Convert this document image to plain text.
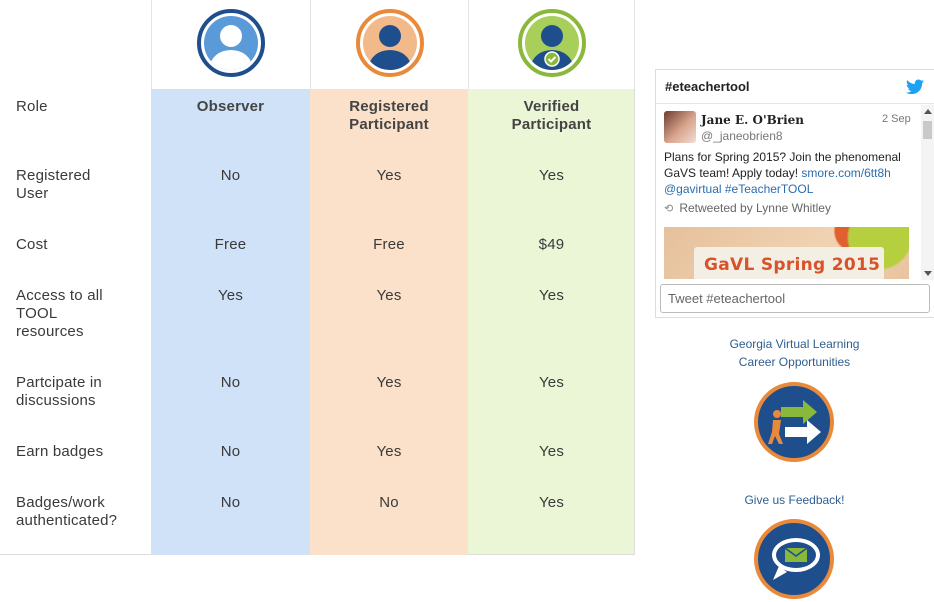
Role
Registered
User
Cost
Access to all
TOOL
resources
Partcipate in
discussions
Earn badges
Badges/work
authenticated?
Observer
No
Free
Yes
No
No
No
Registered
Participant
Yes
Free
Yes
Yes
Yes
No
Verified
Participant
Yes
$49
Yes
Yes
Yes
Yes
#eteachertool
Jane E. O'Brien
@_janeobrien8
2 Sep
Plans for Spring 2015? Join the phenomenal
GaVS team! Apply today! smore.com/6tt8h
@gavirtual #eTeacherTOOL
⟲ Retweeted by Lynne Whitley
GaVL Spring 2015
Tweet #eteachertool
Georgia Virtual Learning
Career Opportunities
Give us Feedback!
